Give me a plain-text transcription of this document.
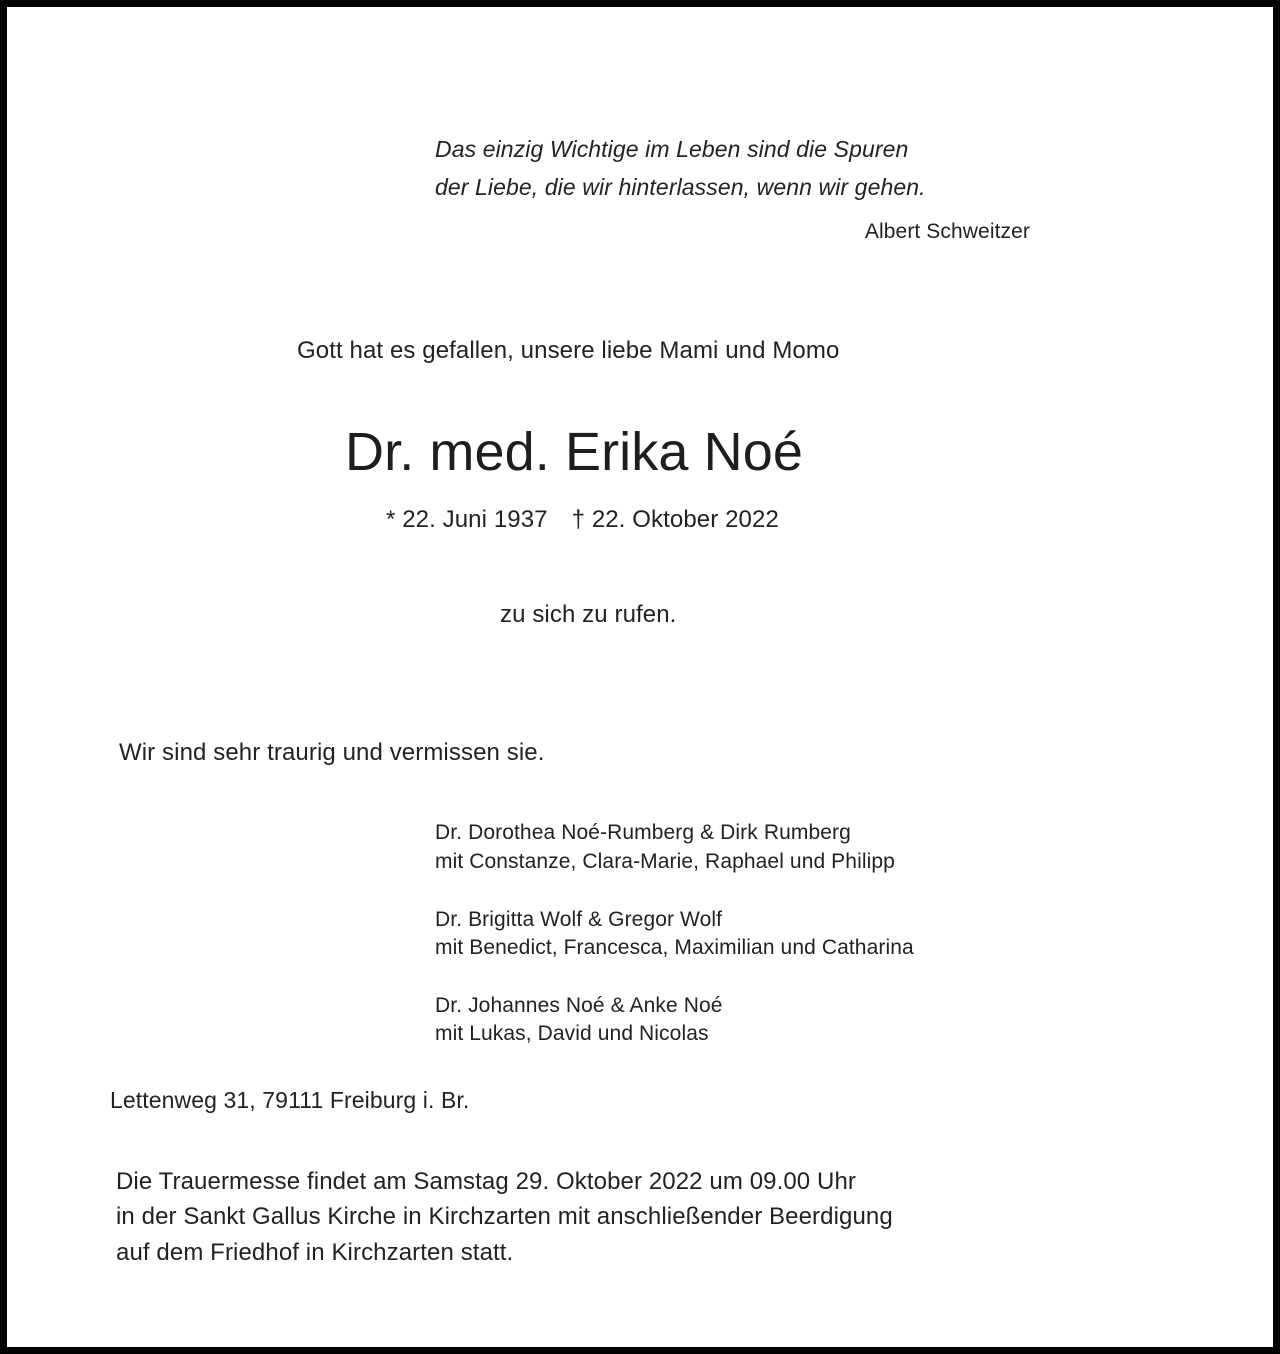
Das einzig Wichtige im Leben sind die Spuren

der Liebe, die wir hinterlassen, wenn wir gehen.

Albert Schweitzer

Gott hat es gefallen, unsere liebe Mami und Momo

Dr. med. Erika Noé

* 22. Juni 1937 † 22. Oktober 2022

zu sich zu rufen.

Wir sind sehr traurig und vermissen sie.

Dr. Dorothea Noé-Rumberg & Dirk Rumberg

mit Constanze, Clara-Marie, Raphael und Philipp

Dr. Brigitta Wolf & Gregor Wolf

mit Benedict, Francesca, Maximilian und Catharina

Dr. Johannes Noé & Anke Noé

mit Lukas, David und Nicolas

Lettenweg 31, 79111 Freiburg i. Br.

Die Trauermesse findet am Samstag 29. Oktober 2022 um 09.00 Uhr

in der Sankt Gallus Kirche in Kirchzarten mit anschließender Beerdigung

auf dem Friedhof in Kirchzarten statt.
